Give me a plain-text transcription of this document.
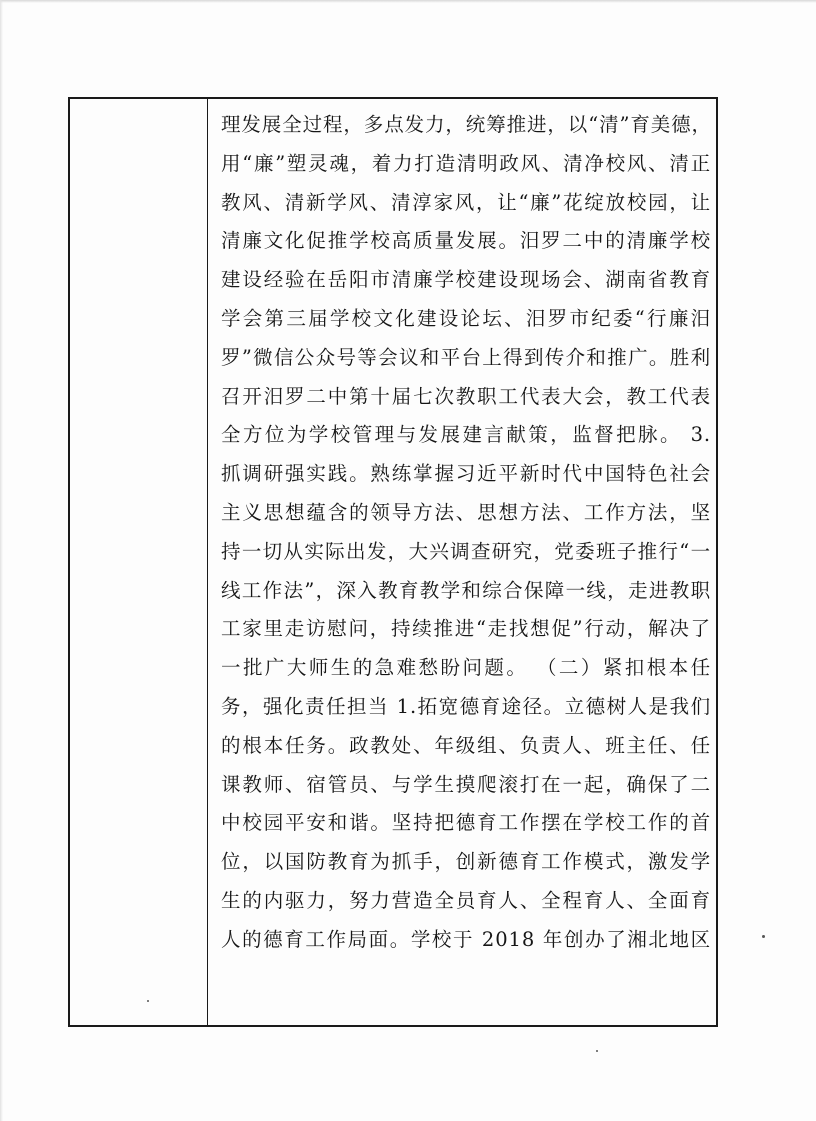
理发展全过程，多点发力，统筹推进，以“清”育美德，
用“廉”塑灵魂，着力打造清明政风、清净校风、清正
教风、清新学风、清淳家风，让“廉”花绽放校园，让
清廉文化促推学校高质量发展。汨罗二中的清廉学校
建设经验在岳阳市清廉学校建设现场会、湖南省教育
学会第三届学校文化建设论坛、汨罗市纪委“行廉汨
罗”微信公众号等会议和平台上得到传介和推广。胜利
召开汨罗二中第十届七次教职工代表大会，教工代表
全方位为学校管理与发展建言献策，监督把脉。 3.
抓调研强实践。熟练掌握习近平新时代中国特色社会
主义思想蕴含的领导方法、思想方法、工作方法，坚
持一切从实际出发，大兴调查研究，党委班子推行“一
线工作法”，深入教育教学和综合保障一线，走进教职
工家里走访慰问，持续推进“走找想促”行动，解决了
一批广大师生的急难愁盼问题。 （二）紧扣根本任
务，强化责任担当 1.拓宽德育途径。立德树人是我们
的根本任务。政教处、年级组、负责人、班主任、任
课教师、宿管员、与学生摸爬滚打在一起，确保了二
中校园平安和谐。坚持把德育工作摆在学校工作的首
位，以国防教育为抓手，创新德育工作模式，激发学
生的内驱力，努力营造全员育人、全程育人、全面育
人的德育工作局面。学校于 2018 年创办了湘北地区
